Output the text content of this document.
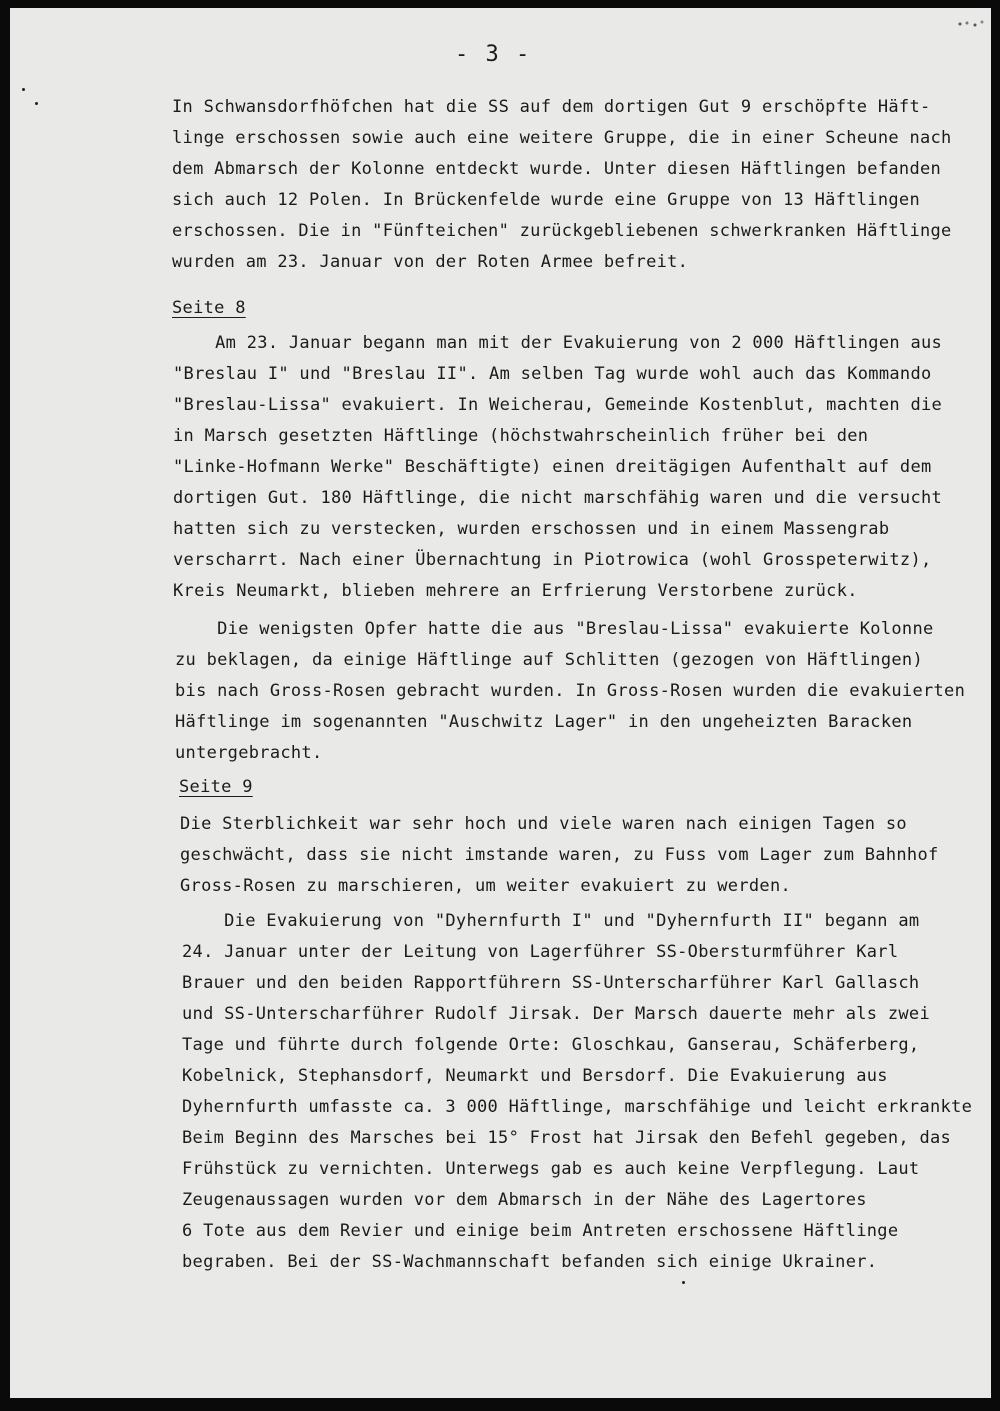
- 3 -

In Schwansdorfhöfchen hat die SS auf dem dortigen Gut 9 erschöpfte Häft-
linge erschossen sowie auch eine weitere Gruppe, die in einer Scheune nach
dem Abmarsch der Kolonne entdeckt wurde. Unter diesen Häftlingen befanden
sich auch 12 Polen. In Brückenfelde wurde eine Gruppe von 13 Häftlingen
erschossen. Die in "Fünfteichen" zurückgebliebenen schwerkranken Häftlinge
wurden am 23. Januar von der Roten Armee befreit.

Seite 8

Am 23. Januar begann man mit der Evakuierung von 2 000 Häftlingen aus
"Breslau I" und "Breslau II". Am selben Tag wurde wohl auch das Kommando
"Breslau-Lissa" evakuiert. In Weicherau, Gemeinde Kostenblut, machten die
in Marsch gesetzten Häftlinge (höchstwahrscheinlich früher bei den
"Linke-Hofmann Werke" Beschäftigte) einen dreitägigen Aufenthalt auf dem
dortigen Gut. 180 Häftlinge, die nicht marschfähig waren und die versucht
hatten sich zu verstecken, wurden erschossen und in einem Massengrab
verscharrt. Nach einer Übernachtung in Piotrowica (wohl Grosspeterwitz),
Kreis Neumarkt, blieben mehrere an Erfrierung Verstorbene zurück.

Die wenigsten Opfer hatte die aus "Breslau-Lissa" evakuierte Kolonne
zu beklagen, da einige Häftlinge auf Schlitten (gezogen von Häftlingen)
bis nach Gross-Rosen gebracht wurden. In Gross-Rosen wurden die evakuierten
Häftlinge im sogenannten "Auschwitz Lager" in den ungeheizten Baracken
untergebracht.

Seite 9

Die Sterblichkeit war sehr hoch und viele waren nach einigen Tagen so
geschwächt, dass sie nicht imstande waren, zu Fuss vom Lager zum Bahnhof
Gross-Rosen zu marschieren, um weiter evakuiert zu werden.

Die Evakuierung von "Dyhernfurth I" und "Dyhernfurth II" begann am
24. Januar unter der Leitung von Lagerführer SS-Obersturmführer Karl
Brauer und den beiden Rapportführern SS-Unterscharführer Karl Gallasch
und SS-Unterscharführer Rudolf Jirsak. Der Marsch dauerte mehr als zwei
Tage und führte durch folgende Orte: Gloschkau, Ganserau, Schäferberg,
Kobelnick, Stephansdorf, Neumarkt und Bersdorf. Die Evakuierung aus
Dyhernfurth umfasste ca. 3 000 Häftlinge, marschfähige und leicht erkrankte
Beim Beginn des Marsches bei 15° Frost hat Jirsak den Befehl gegeben, das
Frühstück zu vernichten. Unterwegs gab es auch keine Verpflegung. Laut
Zeugenaussagen wurden vor dem Abmarsch in der Nähe des Lagertores
6 Tote aus dem Revier und einige beim Antreten erschossene Häftlinge
begraben. Bei der SS-Wachmannschaft befanden sich einige Ukrainer.
